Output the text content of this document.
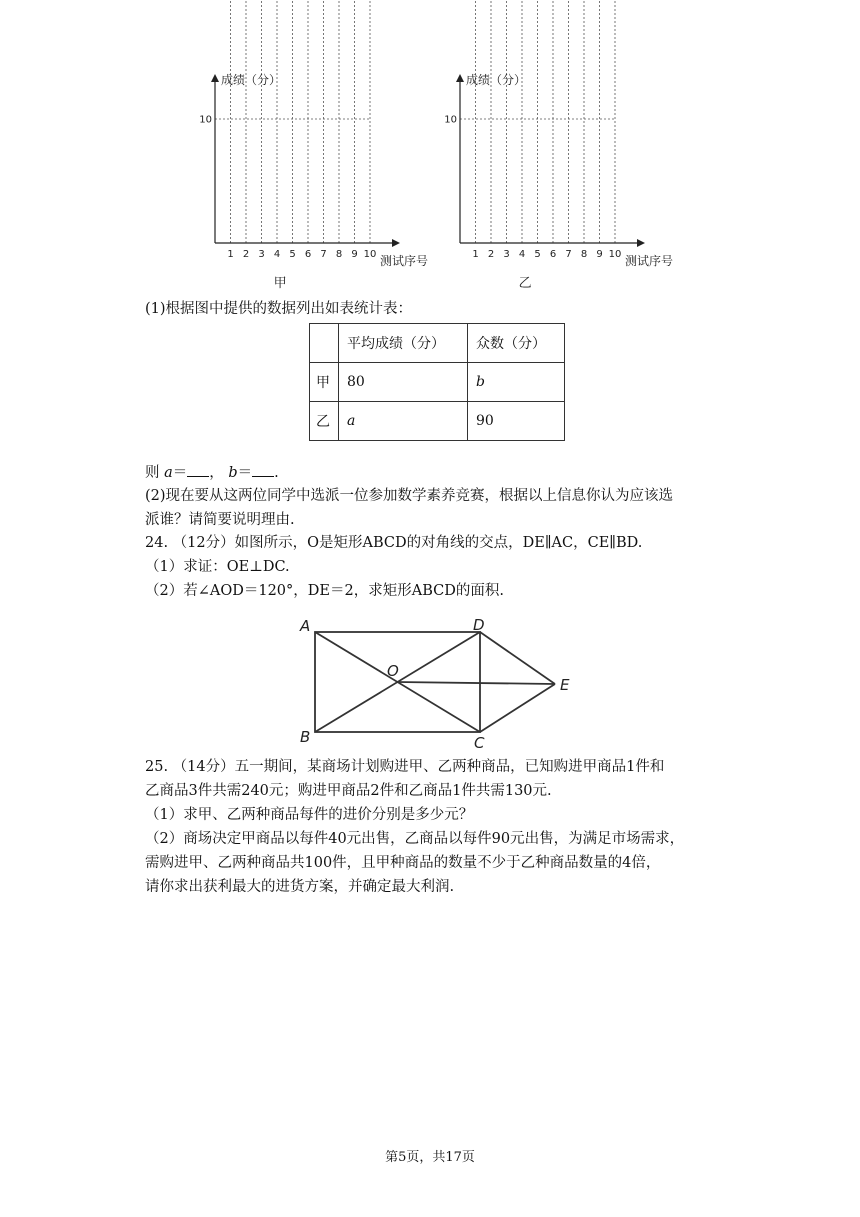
10
1 2 3 4 5 6 7 8 9 10
成绩（分）
测试序号
甲
10
1 2 3 4 5 6 7 8 9 10
成绩（分）
测试序号
乙
(1)根据图中提供的数据列出如表统计表：
	平均成绩（分）	众数（分）
甲	80	b
乙	a	90
则 a＝ ， b＝ .
(2)现在要从这两位同学中选派一位参加数学素养竞赛，根据以上信息你认为应该选
派谁？请简要说明理由.
24. （12分）如图所示，O是矩形ABCD的对角线的交点，DE∥AC，CE∥BD.
（1）求证：OE⊥DC.
（2）若∠AOD＝120°，DE＝2，求矩形ABCD的面积.
A
B	C
D
O
E
25. （14分）五一期间，某商场计划购进甲、乙两种商品，已知购进甲商品1件和
乙商品3件共需240元；购进甲商品2件和乙商品1件共需130元.
（1）求甲、乙两种商品每件的进价分别是多少元？
（2）商场决定甲商品以每件40元出售，乙商品以每件90元出售，为满足市场需求，
需购进甲、乙两种商品共100件，且甲种商品的数量不少于乙种商品数量的4倍，
请你求出获利最大的进货方案，并确定最大利润.
第5页，共17页
